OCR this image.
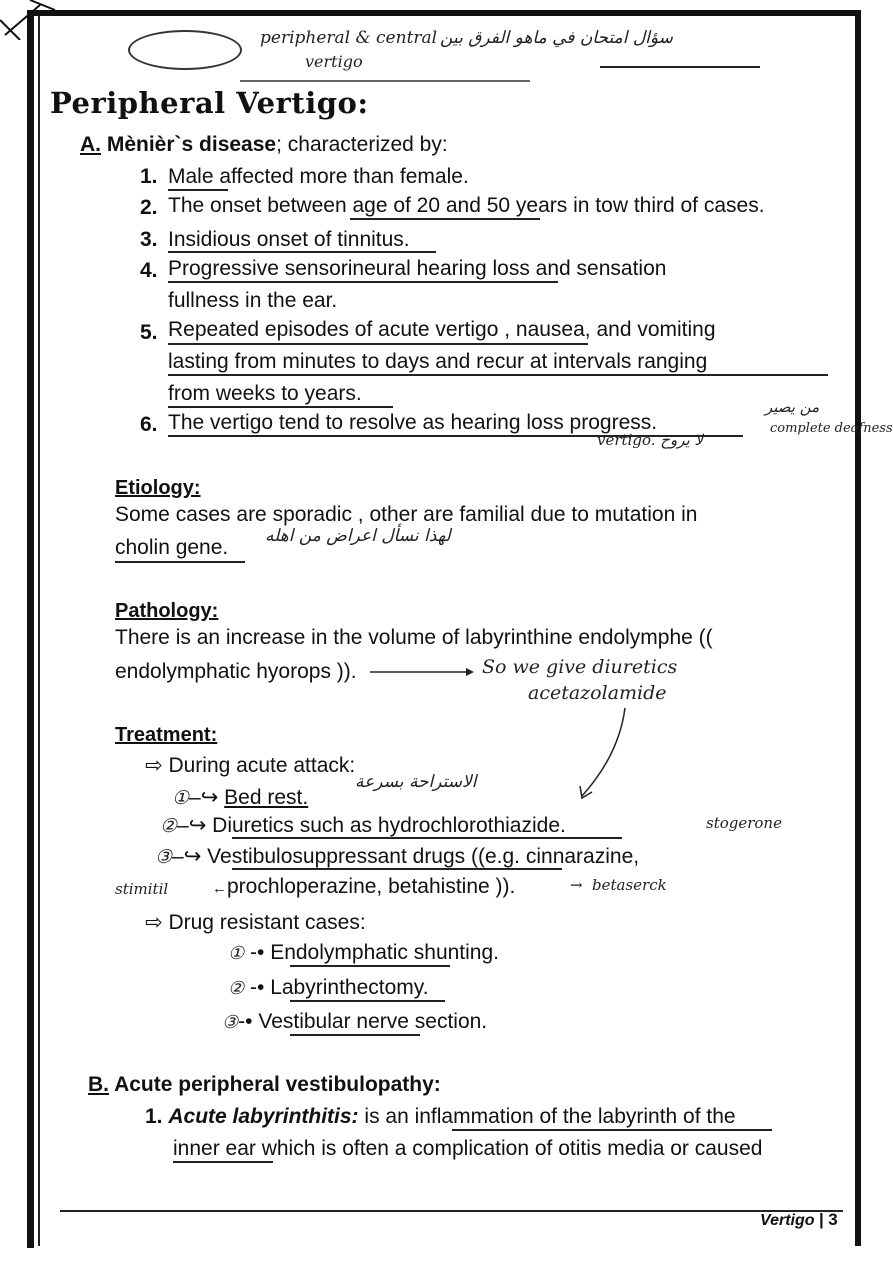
peripheral & central سؤال امتحان في ماهو الفرق بين
vertigo
Peripheral Vertigo:
A. Mènièr`s disease; characterized by:
1. Male affected more than female.
2. The onset between age of 20 and 50 years in tow third of cases.
3. Insidious onset of tinnitus.
4. Progressive sensorineural hearing loss and sensation
fullness in the ear.
5. Repeated episodes of acute vertigo , nausea, and vomiting
lasting from minutes to days and recur at intervals ranging
from weeks to years.
6. The vertigo tend to resolve as hearing loss progress.
من يصير
complete deafness
vertigo. لا يروح
Etiology:
Some cases are sporadic , other are familial due to mutation in
cholin gene. لهذا نسأل اعراض من اهله
Pathology:
There is an increase in the volume of labyrinthine endolymphe ((
endolymphatic hyorops )).	So we give diuretics
acetazolamide
Treatment:
⇨ During acute attack:
الاستراحة بسرعة
①–↪ Bed rest.
②–↪ Diuretics such as hydrochlorothiazide.	stogerone
③–↪ Vestibulosuppressant drugs ((e.g. cinnarazine,
stimitil	←prochloperazine, betahistine )).	→ betaserck
⇨ Drug resistant cases:
① -• Endolymphatic shunting.
② -• Labyrinthectomy.
③-• Vestibular nerve section.
B. Acute peripheral vestibulopathy:
1. Acute labyrinthitis: is an inflammation of the labyrinth of the
inner ear which is often a complication of otitis media or caused
Vertigo | 3
